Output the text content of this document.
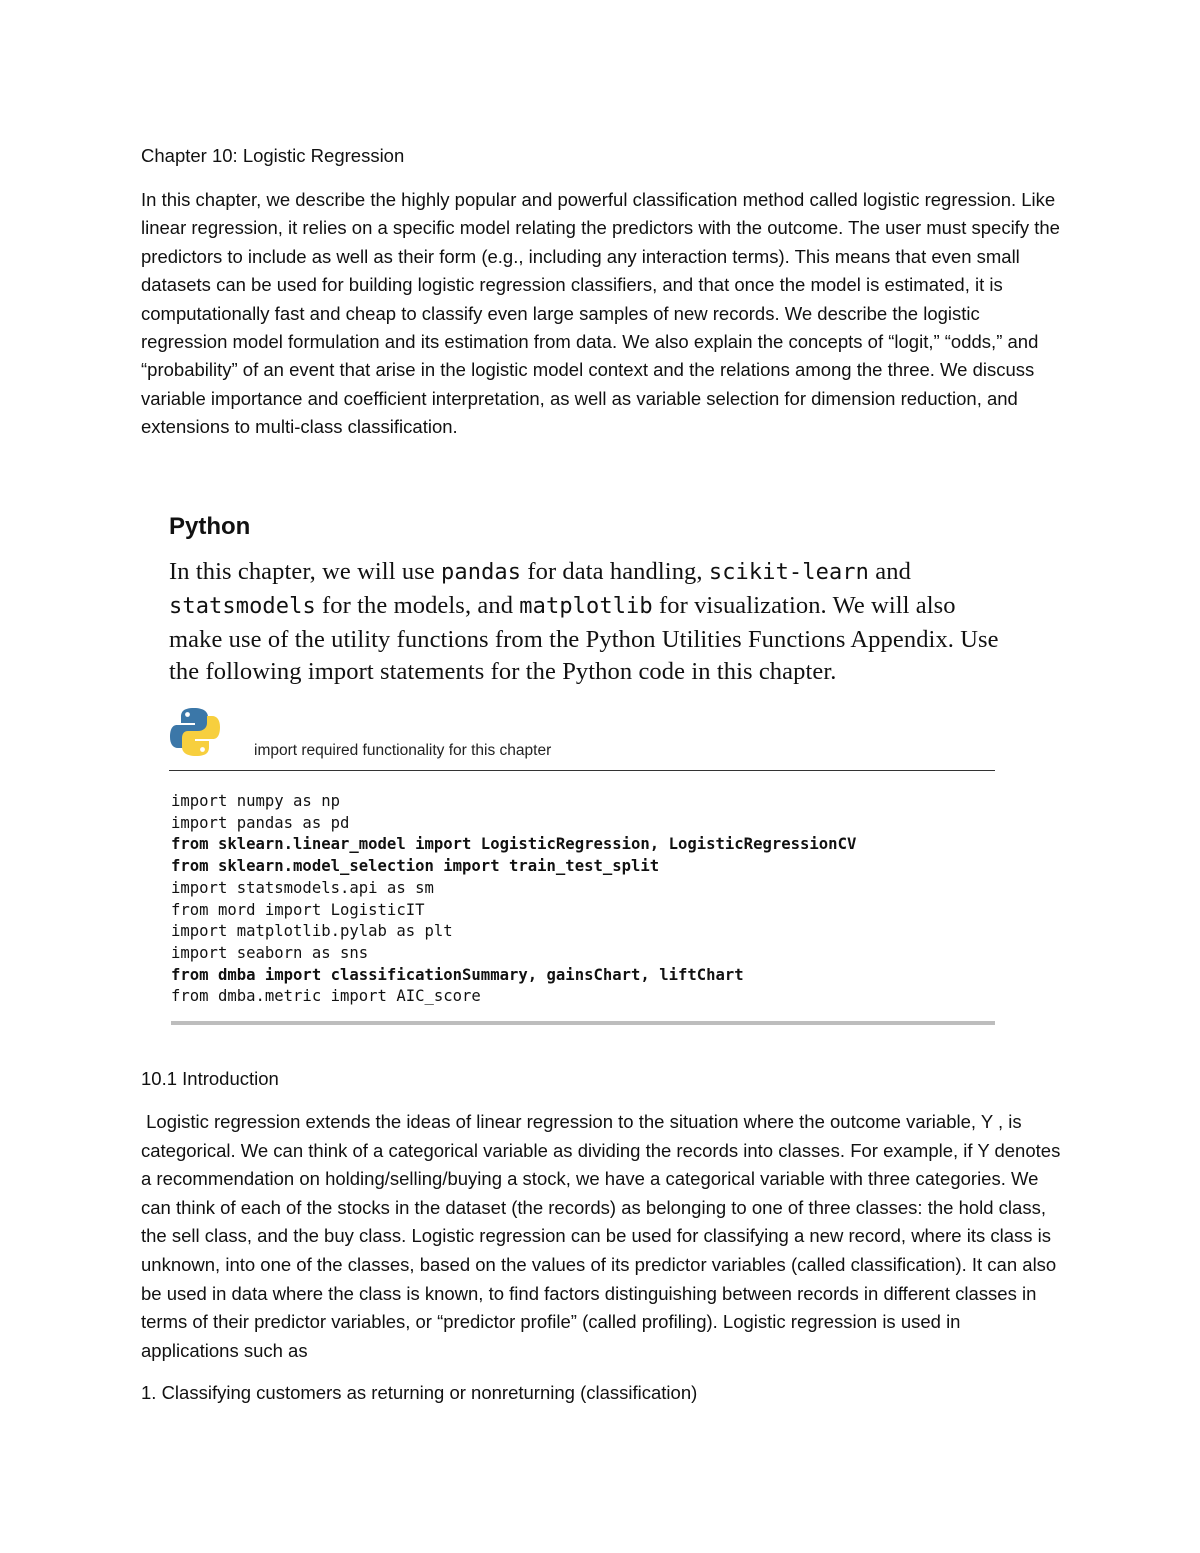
Chapter 10: Logistic Regression
In this chapter, we describe the highly popular and powerful classification method called logistic regression. Like linear regression, it relies on a specific model relating the predictors with the outcome. The user must specify the predictors to include as well as their form (e.g., including any interaction terms). This means that even small datasets can be used for building logistic regression classifiers, and that once the model is estimated, it is computationally fast and cheap to classify even large samples of new records. We describe the logistic regression model formulation and its estimation from data. We also explain the concepts of “logit,” “odds,” and “probability” of an event that arise in the logistic model context and the relations among the three. We discuss variable importance and coefficient interpretation, as well as variable selection for dimension reduction, and extensions to multi-class classification.
Python
In this chapter, we will use pandas for data handling, scikit-learn and statsmodels for the models, and matplotlib for visualization. We will also make use of the utility functions from the Python Utilities Functions Appendix. Use the following import statements for the Python code in this chapter.
import required functionality for this chapter
import numpy as np
import pandas as pd
from sklearn.linear_model import LogisticRegression, LogisticRegressionCV
from sklearn.model_selection import train_test_split
import statsmodels.api as sm
from mord import LogisticIT
import matplotlib.pylab as plt
import seaborn as sns
from dmba import classificationSummary, gainsChart, liftChart
from dmba.metric import AIC_score
10.1 Introduction
Logistic regression extends the ideas of linear regression to the situation where the outcome variable, Y , is categorical. We can think of a categorical variable as dividing the records into classes. For example, if Y denotes a recommendation on holding/selling/buying a stock, we have a categorical variable with three categories. We can think of each of the stocks in the dataset (the records) as belonging to one of three classes: the hold class, the sell class, and the buy class. Logistic regression can be used for classifying a new record, where its class is unknown, into one of the classes, based on the values of its predictor variables (called classification). It can also be used in data where the class is known, to find factors distinguishing between records in different classes in terms of their predictor variables, or “predictor profile” (called profiling). Logistic regression is used in applications such as
1. Classifying customers as returning or nonreturning (classification)
